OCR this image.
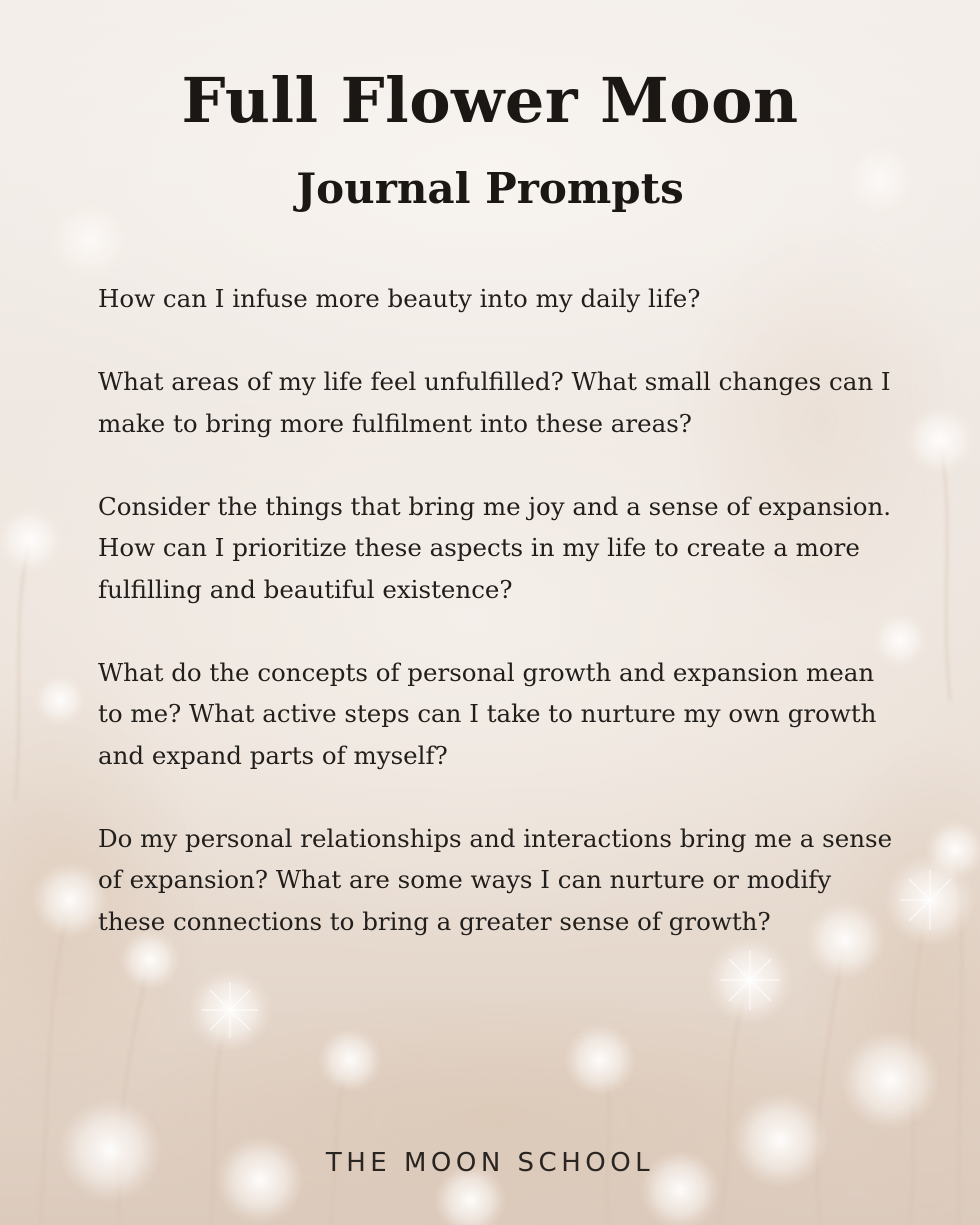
Full Flower Moon
Journal Prompts

How can I infuse more beauty into my daily life?

What areas of my life feel unfulfilled? What small changes can I make to bring more fulfilment into these areas?

Consider the things that bring me joy and a sense of expansion. How can I prioritize these aspects in my life to create a more fulfilling and beautiful existence?

What do the concepts of personal growth and expansion mean to me? What active steps can I take to nurture my own growth and expand parts of myself?

Do my personal relationships and interactions bring me a sense of expansion? What are some ways I can nurture or modify these connections to bring a greater sense of growth?

THE MOON SCHOOL
